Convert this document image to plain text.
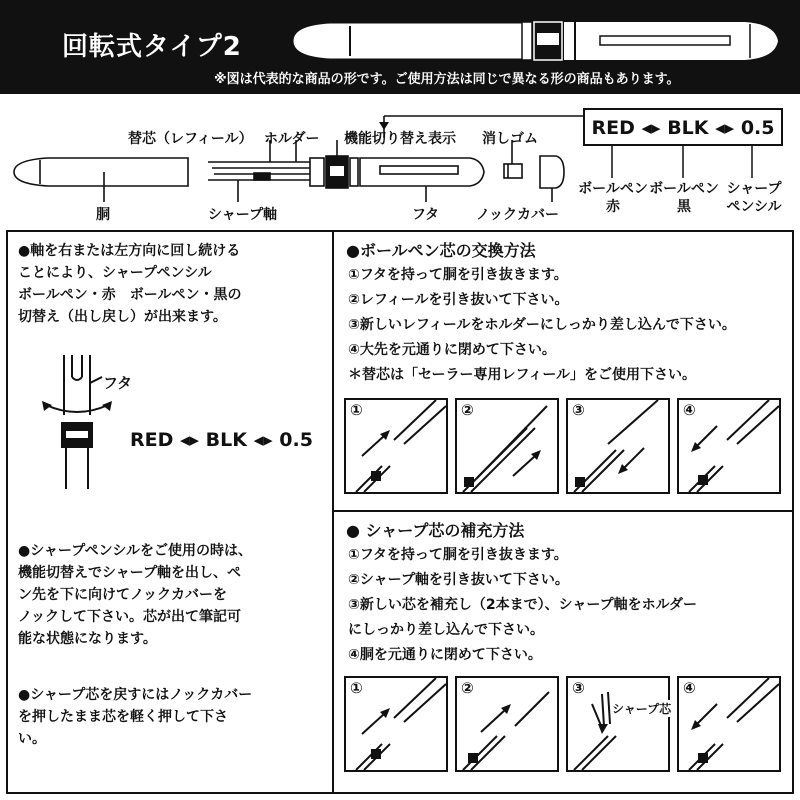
回転式タイプ2
※図は代表的な商品の形です。ご使用方法は同じで異なる形の商品もあります。
替芯（レフィール） ホルダー 機能切り替え表示 消しゴム
胴	シャープ軸	フタ	ノックカバー
RED ◂▸ BLK ◂▸ 0.5
ボールペン
赤
ボールペン
黒
シャープ
ペンシル
●軸を右または左方向に回し続ける
ことにより、シャープペンシル
ボールペン・赤　ボールペン・黒の
切替え（出し戻し）が出来ます。
フタ
RED ◂▸ BLK ◂▸ 0.5
●シャープペンシルをご使用の時は、
機能切替えでシャープ軸を出し、ペ
ン先を下に向けてノックカバーを
ノックして下さい。芯が出て筆記可
能な状態になります。
●シャープ芯を戻すにはノックカバー
を押したまま芯を軽く押して下さ
い。
●ボールペン芯の交換方法
①フタを持って胴を引き抜きます。
②レフィールを引き抜いて下さい。
③新しいレフィールをホルダーにしっかり差し込んで下さい。
④大先を元通りに閉めて下さい。
＊替芯は「セーラー専用レフィール」をご使用下さい。
①	②	③	④
● シャープ芯の補充方法
①フタを持って胴を引き抜きます。
②シャープ軸を引き抜いて下さい。
③新しい芯を補充し（2本まで）、シャープ軸をホルダー
にしっかり差し込んで下さい。
④胴を元通りに閉めて下さい。
①	②	③
シャープ芯
④
